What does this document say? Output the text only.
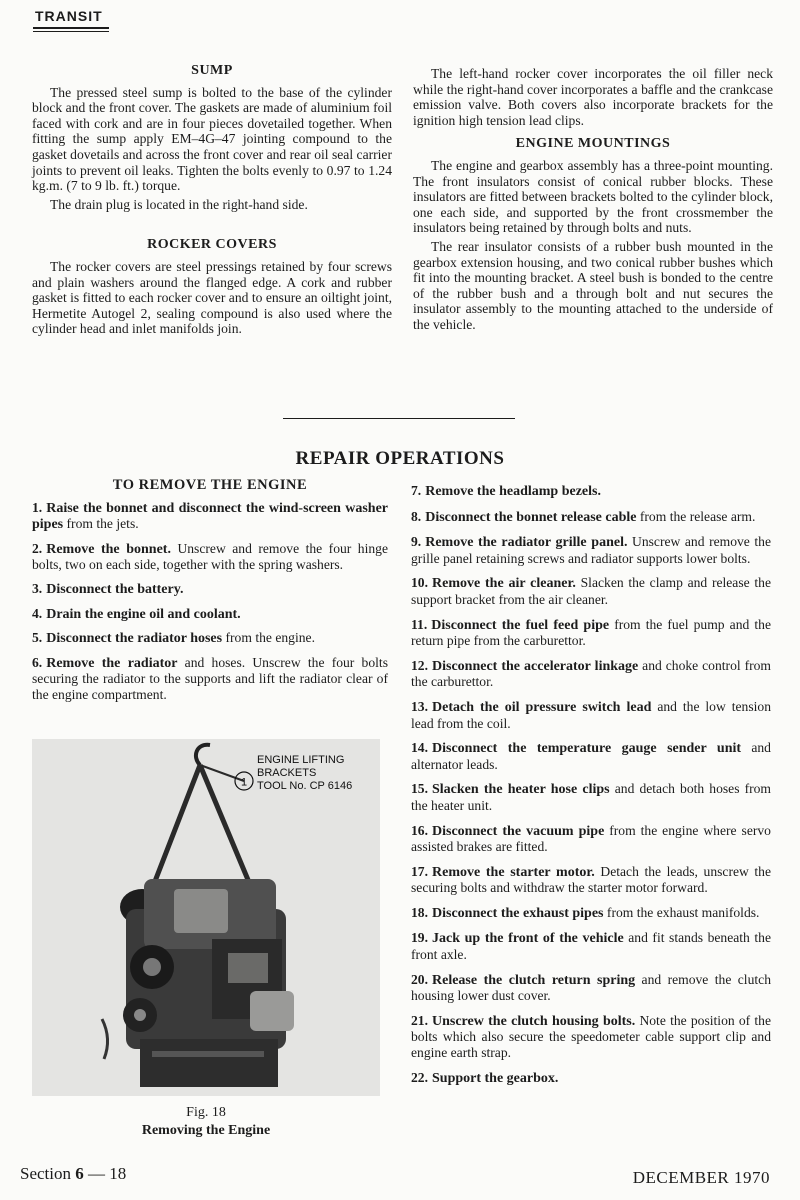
TRANSIT
SUMP

The pressed steel sump is bolted to the base of the cylinder block and the front cover. The gaskets are made of aluminium foil faced with cork and are in four pieces dovetailed together. When fitting the sump apply EM–4G–47 jointing compound to the gasket dovetails and across the front cover and rear oil seal carrier joints to prevent oil leaks. Tighten the bolts evenly to 0.97 to 1.24 kg.m. (7 to 9 lb. ft.) torque.

The drain plug is located in the right-hand side.

ROCKER COVERS

The rocker covers are steel pressings retained by four screws and plain washers around the flanged edge. A cork and rubber gasket is fitted to each rocker cover and to ensure an oiltight joint, Hermetite Autogel 2, sealing compound is also used where the cylinder head and inlet manifolds join.

The left-hand rocker cover incorporates the oil filler neck while the right-hand cover incorporates a baffle and the crankcase emission valve. Both covers also incorporate brackets for the ignition high tension lead clips.

ENGINE MOUNTINGS

The engine and gearbox assembly has a three-point mounting. The front insulators consist of conical rubber blocks. These insulators are fitted between brackets bolted to the cylinder block, one each side, and supported by the front crossmember the insulators being retained by through bolts and nuts.

The rear insulator consists of a rubber bush mounted in the gearbox extension housing, and two conical rubber bushes which fit into the mounting bracket. A steel bush is bonded to the centre of the rubber bush and a through bolt and nut secures the insulator assembly to the mounting attached to the underside of the vehicle.

REPAIR OPERATIONS
TO REMOVE THE ENGINE
1. Raise the bonnet and disconnect the wind-screen washer pipes from the jets.
2. Remove the bonnet. Unscrew and remove the four hinge bolts, two on each side, together with the spring washers.
3. Disconnect the battery.
4. Drain the engine oil and coolant.
5. Disconnect the radiator hoses from the engine.
6. Remove the radiator and hoses. Unscrew the four bolts securing the radiator to the supports and lift the radiator clear of the engine compartment.
7. Remove the headlamp bezels.
8. Disconnect the bonnet release cable from the release arm.
9. Remove the radiator grille panel. Unscrew and remove the grille panel retaining screws and radiator supports lower bolts.
10. Remove the air cleaner. Slacken the clamp and release the support bracket from the air cleaner.
11. Disconnect the fuel feed pipe from the fuel pump and the return pipe from the carburettor.
12. Disconnect the accelerator linkage and choke control from the carburettor.
13. Detach the oil pressure switch lead and the low tension lead from the coil.
14. Disconnect the temperature gauge sender unit and alternator leads.
15. Slacken the heater hose clips and detach both hoses from the heater unit.
16. Disconnect the vacuum pipe from the engine where servo assisted brakes are fitted.
17. Remove the starter motor. Detach the leads, unscrew the securing bolts and withdraw the starter motor forward.
18. Disconnect the exhaust pipes from the exhaust manifolds.
19. Jack up the front of the vehicle and fit stands beneath the front axle.
20. Release the clutch return spring and remove the clutch housing lower dust cover.
21. Unscrew the clutch housing bolts. Note the position of the bolts which also secure the speedometer cable support clip and engine earth strap.
22. Support the gearbox.
1
ENGINE LIFTING
BRACKETS
TOOL No. CP 6146
Fig. 18
Removing the Engine
Section 6 — 18	DECEMBER 1970
